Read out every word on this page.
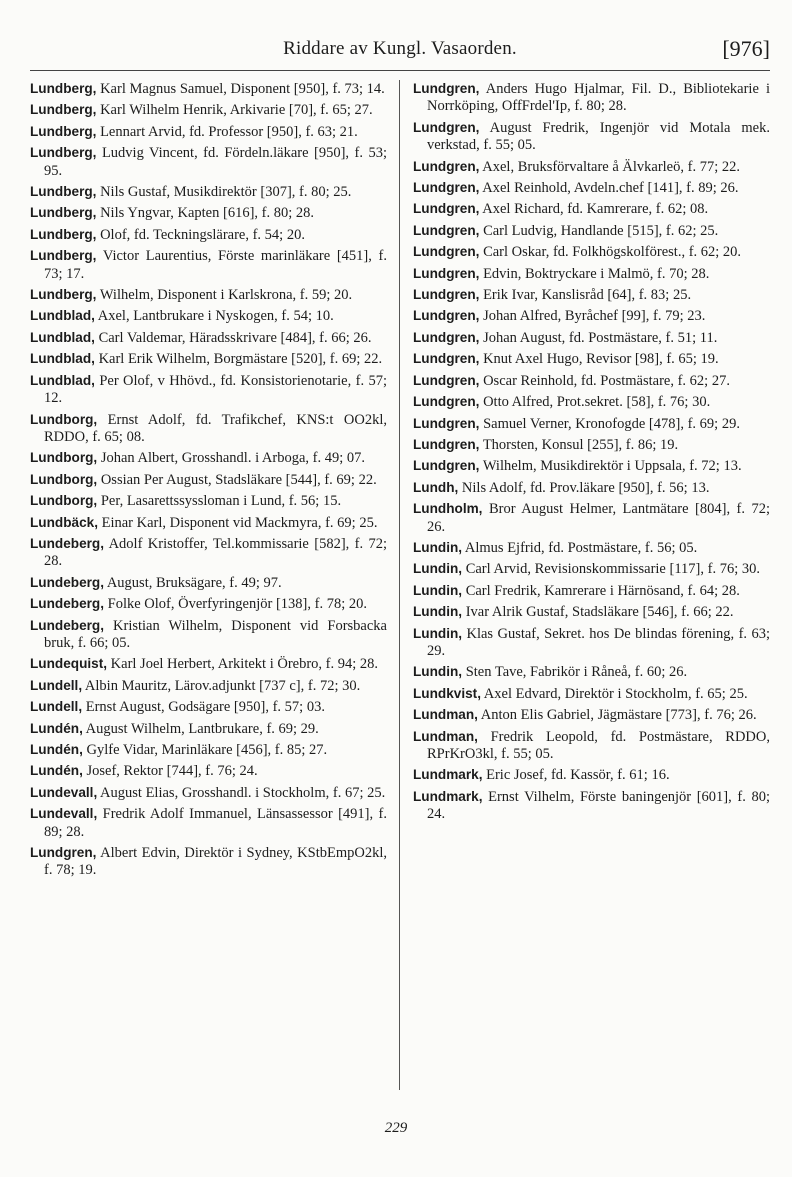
Riddare av Kungl. Vasaorden.	[976]

Lundberg, Karl Magnus Samuel, Disponent [950], f. 73; 14.

Lundberg, Karl Wilhelm Henrik, Arkivarie [70], f. 65; 27.

Lundberg, Lennart Arvid, fd. Professor [950], f. 63; 21.

Lundberg, Ludvig Vincent, fd. Fördeln.läkare [950], f. 53; 95.

Lundberg, Nils Gustaf, Musikdirektör [307], f. 80; 25.

Lundberg, Nils Yngvar, Kapten [616], f. 80; 28.

Lundberg, Olof, fd. Teckningslärare, f. 54; 20.

Lundberg, Victor Laurentius, Förste marinläkare [451], f. 73; 17.

Lundberg, Wilhelm, Disponent i Karlskrona, f. 59; 20.

Lundblad, Axel, Lantbrukare i Nyskogen, f. 54; 10.

Lundblad, Carl Valdemar, Häradsskrivare [484], f. 66; 26.

Lundblad, Karl Erik Wilhelm, Borgmästare [520], f. 69; 22.

Lundblad, Per Olof, v Hhövd., fd. Konsistorienotarie, f. 57; 12.

Lundborg, Ernst Adolf, fd. Trafikchef, KNS:t OO2kl, RDDO, f. 65; 08.

Lundborg, Johan Albert, Grosshandl. i Arboga, f. 49; 07.

Lundborg, Ossian Per August, Stadsläkare [544], f. 69; 22.

Lundborg, Per, Lasarettssyssloman i Lund, f. 56; 15.

Lundbäck, Einar Karl, Disponent vid Mackmyra, f. 69; 25.

Lundeberg, Adolf Kristoffer, Tel.kommissarie [582], f. 72; 28.

Lundeberg, August, Bruksägare, f. 49; 97.

Lundeberg, Folke Olof, Överfyringenjör [138], f. 78; 20.

Lundeberg, Kristian Wilhelm, Disponent vid Forsbacka bruk, f. 66; 05.

Lundequist, Karl Joel Herbert, Arkitekt i Örebro, f. 94; 28.

Lundell, Albin Mauritz, Lärov.adjunkt [737 c], f. 72; 30.

Lundell, Ernst August, Godsägare [950], f. 57; 03.

Lundén, August Wilhelm, Lantbrukare, f. 69; 29.

Lundén, Gylfe Vidar, Marinläkare [456], f. 85; 27.

Lundén, Josef, Rektor [744], f. 76; 24.

Lundevall, August Elias, Grosshandl. i Stockholm, f. 67; 25.

Lundevall, Fredrik Adolf Immanuel, Länsassessor [491], f. 89; 28.

Lundgren, Albert Edvin, Direktör i Sydney, KStbEmpO2kl, f. 78; 19.

Lundgren, Anders Hugo Hjalmar, Fil. D., Bibliotekarie i Norrköping, OffFrdel'Ip, f. 80; 28.

Lundgren, August Fredrik, Ingenjör vid Motala mek. verkstad, f. 55; 05.

Lundgren, Axel, Bruksförvaltare å Älvkarleö, f. 77; 22.

Lundgren, Axel Reinhold, Avdeln.chef [141], f. 89; 26.

Lundgren, Axel Richard, fd. Kamrerare, f. 62; 08.

Lundgren, Carl Ludvig, Handlande [515], f. 62; 25.

Lundgren, Carl Oskar, fd. Folkhögskolförest., f. 62; 20.

Lundgren, Edvin, Boktryckare i Malmö, f. 70; 28.

Lundgren, Erik Ivar, Kanslisråd [64], f. 83; 25.

Lundgren, Johan Alfred, Byråchef [99], f. 79; 23.

Lundgren, Johan August, fd. Postmästare, f. 51; 11.

Lundgren, Knut Axel Hugo, Revisor [98], f. 65; 19.

Lundgren, Oscar Reinhold, fd. Postmästare, f. 62; 27.

Lundgren, Otto Alfred, Prot.sekret. [58], f. 76; 30.

Lundgren, Samuel Verner, Kronofogde [478], f. 69; 29.

Lundgren, Thorsten, Konsul [255], f. 86; 19.

Lundgren, Wilhelm, Musikdirektör i Uppsala, f. 72; 13.

Lundh, Nils Adolf, fd. Prov.läkare [950], f. 56; 13.

Lundholm, Bror August Helmer, Lantmätare [804], f. 72; 26.

Lundin, Almus Ejfrid, fd. Postmästare, f. 56; 05.

Lundin, Carl Arvid, Revisionskommissarie [117], f. 76; 30.

Lundin, Carl Fredrik, Kamrerare i Härnösand, f. 64; 28.

Lundin, Ivar Alrik Gustaf, Stadsläkare [546], f. 66; 22.

Lundin, Klas Gustaf, Sekret. hos De blindas förening, f. 63; 29.

Lundin, Sten Tave, Fabrikör i Råneå, f. 60; 26.

Lundkvist, Axel Edvard, Direktör i Stockholm, f. 65; 25.

Lundman, Anton Elis Gabriel, Jägmästare [773], f. 76; 26.

Lundman, Fredrik Leopold, fd. Postmästare, RDDO, RPrKrO3kl, f. 55; 05.

Lundmark, Eric Josef, fd. Kassör, f. 61; 16.

Lundmark, Ernst Vilhelm, Förste baningenjör [601], f. 80; 24.

229
